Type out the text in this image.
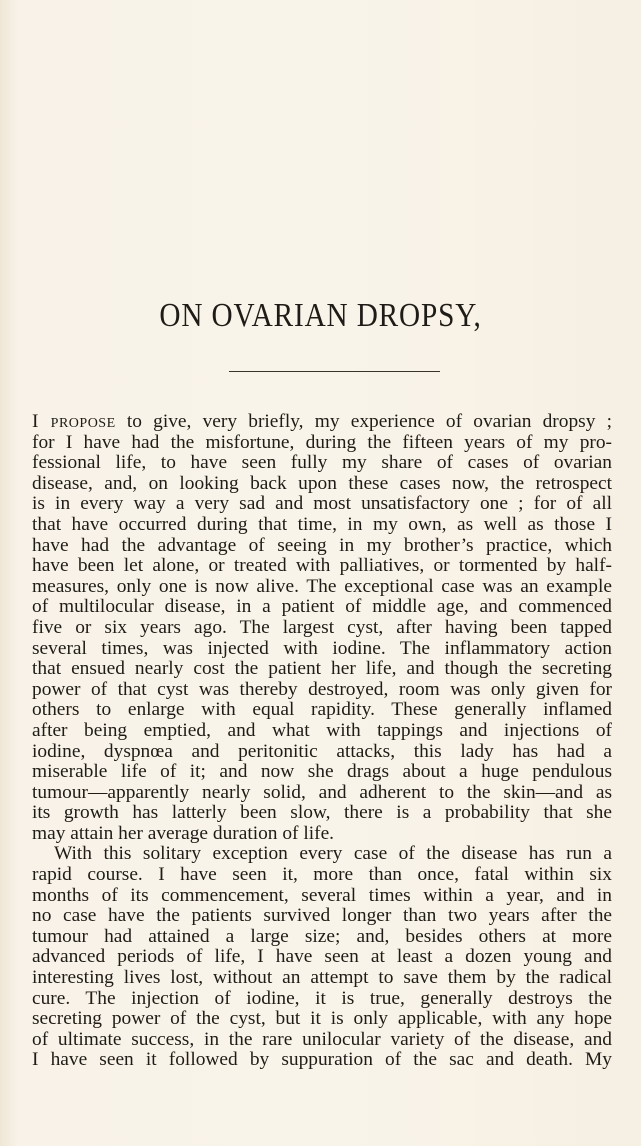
ON OVARIAN DROPSY,
I propose to give, very briefly, my experience of ovarian dropsy ;
for I have had the misfortune, during the fifteen years of my pro-
fessional life, to have seen fully my share of cases of ovarian
disease, and, on looking back upon these cases now, the retrospect
is in every way a very sad and most unsatisfactory one ; for of all
that have occurred during that time, in my own, as well as those I
have had the advantage of seeing in my brother’s practice, which
have been let alone, or treated with palliatives, or tormented by half-
measures, only one is now alive. The exceptional case was an example
of multilocular disease, in a patient of middle age, and commenced
five or six years ago. The largest cyst, after having been tapped
several times, was injected with iodine. The inflammatory action
that ensued nearly cost the patient her life, and though the secreting
power of that cyst was thereby destroyed, room was only given for
others to enlarge with equal rapidity. These generally inflamed
after being emptied, and what with tappings and injections of
iodine, dyspnœa and peritonitic attacks, this lady has had a
miserable life of it; and now she drags about a huge pendulous
tumour—apparently nearly solid, and adherent to the skin—and as
its growth has latterly been slow, there is a probability that she
may attain her average duration of life.
With this solitary exception every case of the disease has run a
rapid course. I have seen it, more than once, fatal within six
months of its commencement, several times within a year, and in
no case have the patients survived longer than two years after the
tumour had attained a large size; and, besides others at more
advanced periods of life, I have seen at least a dozen young and
interesting lives lost, without an attempt to save them by the radical
cure. The injection of iodine, it is true, generally destroys the
secreting power of the cyst, but it is only applicable, with any hope
of ultimate success, in the rare unilocular variety of the disease, and
I have seen it followed by suppuration of the sac and death. My
